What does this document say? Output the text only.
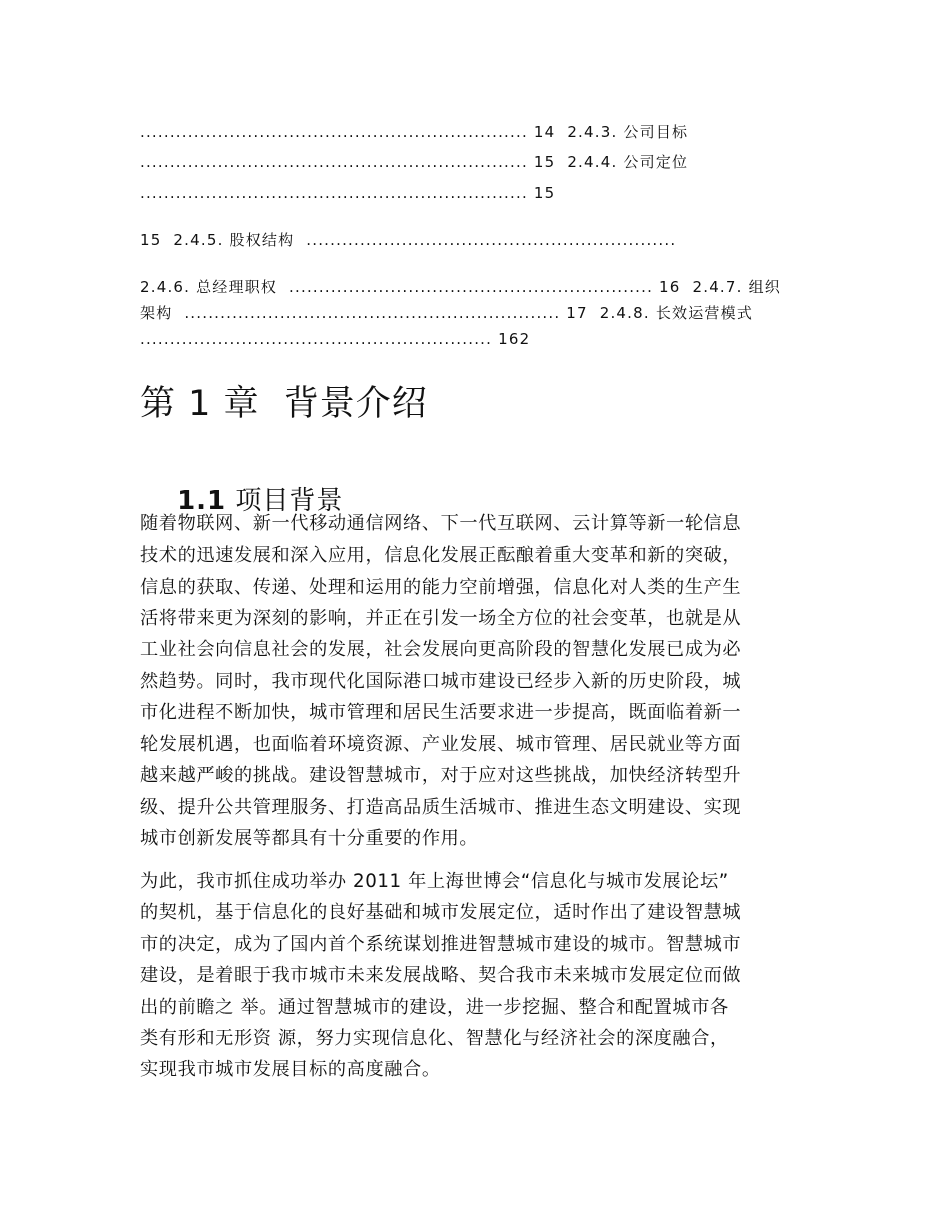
................................................................. 14  2.4.3. 公司目标
................................................................. 15  2.4.4. 公司定位
................................................................. 15
15  2.4.5. 股权结构  ..............................................................
2.4.6. 总经理职权  ............................................................. 16  2.4.7. 组织
架构  ............................................................... 17  2.4.8. 长效运营模式
........................................................... 162
第 1 章  背景介绍

1.1 项目背景

随着物联网、新一代移动通信网络、下一代互联网、云计算等新一轮信息
技术的迅速发展和深入应用，信息化发展正酝酿着重大变革和新的突破，
信息的获取、传递、处理和运用的能力空前增强，信息化对人类的生产生
活将带来更为深刻的影响，并正在引发一场全方位的社会变革，也就是从
工业社会向信息社会的发展，社会发展向更高阶段的智慧化发展已成为必
然趋势。同时，我市现代化国际港口城市建设已经步入新的历史阶段，城
市化进程不断加快，城市管理和居民生活要求进一步提高，既面临着新一
轮发展机遇，也面临着环境资源、产业发展、城市管理、居民就业等方面
越来越严峻的挑战。建设智慧城市，对于应对这些挑战，加快经济转型升
级、提升公共管理服务、打造高品质生活城市、推进生态文明建设、实现
城市创新发展等都具有十分重要的作用。
为此，我市抓住成功举办 2011 年上海世博会“信息化与城市发展论坛”
的契机，基于信息化的良好基础和城市发展定位，适时作出了建设智慧城
市的决定，成为了国内首个系统谋划推进智慧城市建设的城市。智慧城市
建设，是着眼于我市城市未来发展战略、契合我市未来城市发展定位而做
出的前瞻之 举。通过智慧城市的建设，进一步挖掘、整合和配置城市各
类有形和无形资 源，努力实现信息化、智慧化与经济社会的深度融合，
实现我市城市发展目标的高度融合。
